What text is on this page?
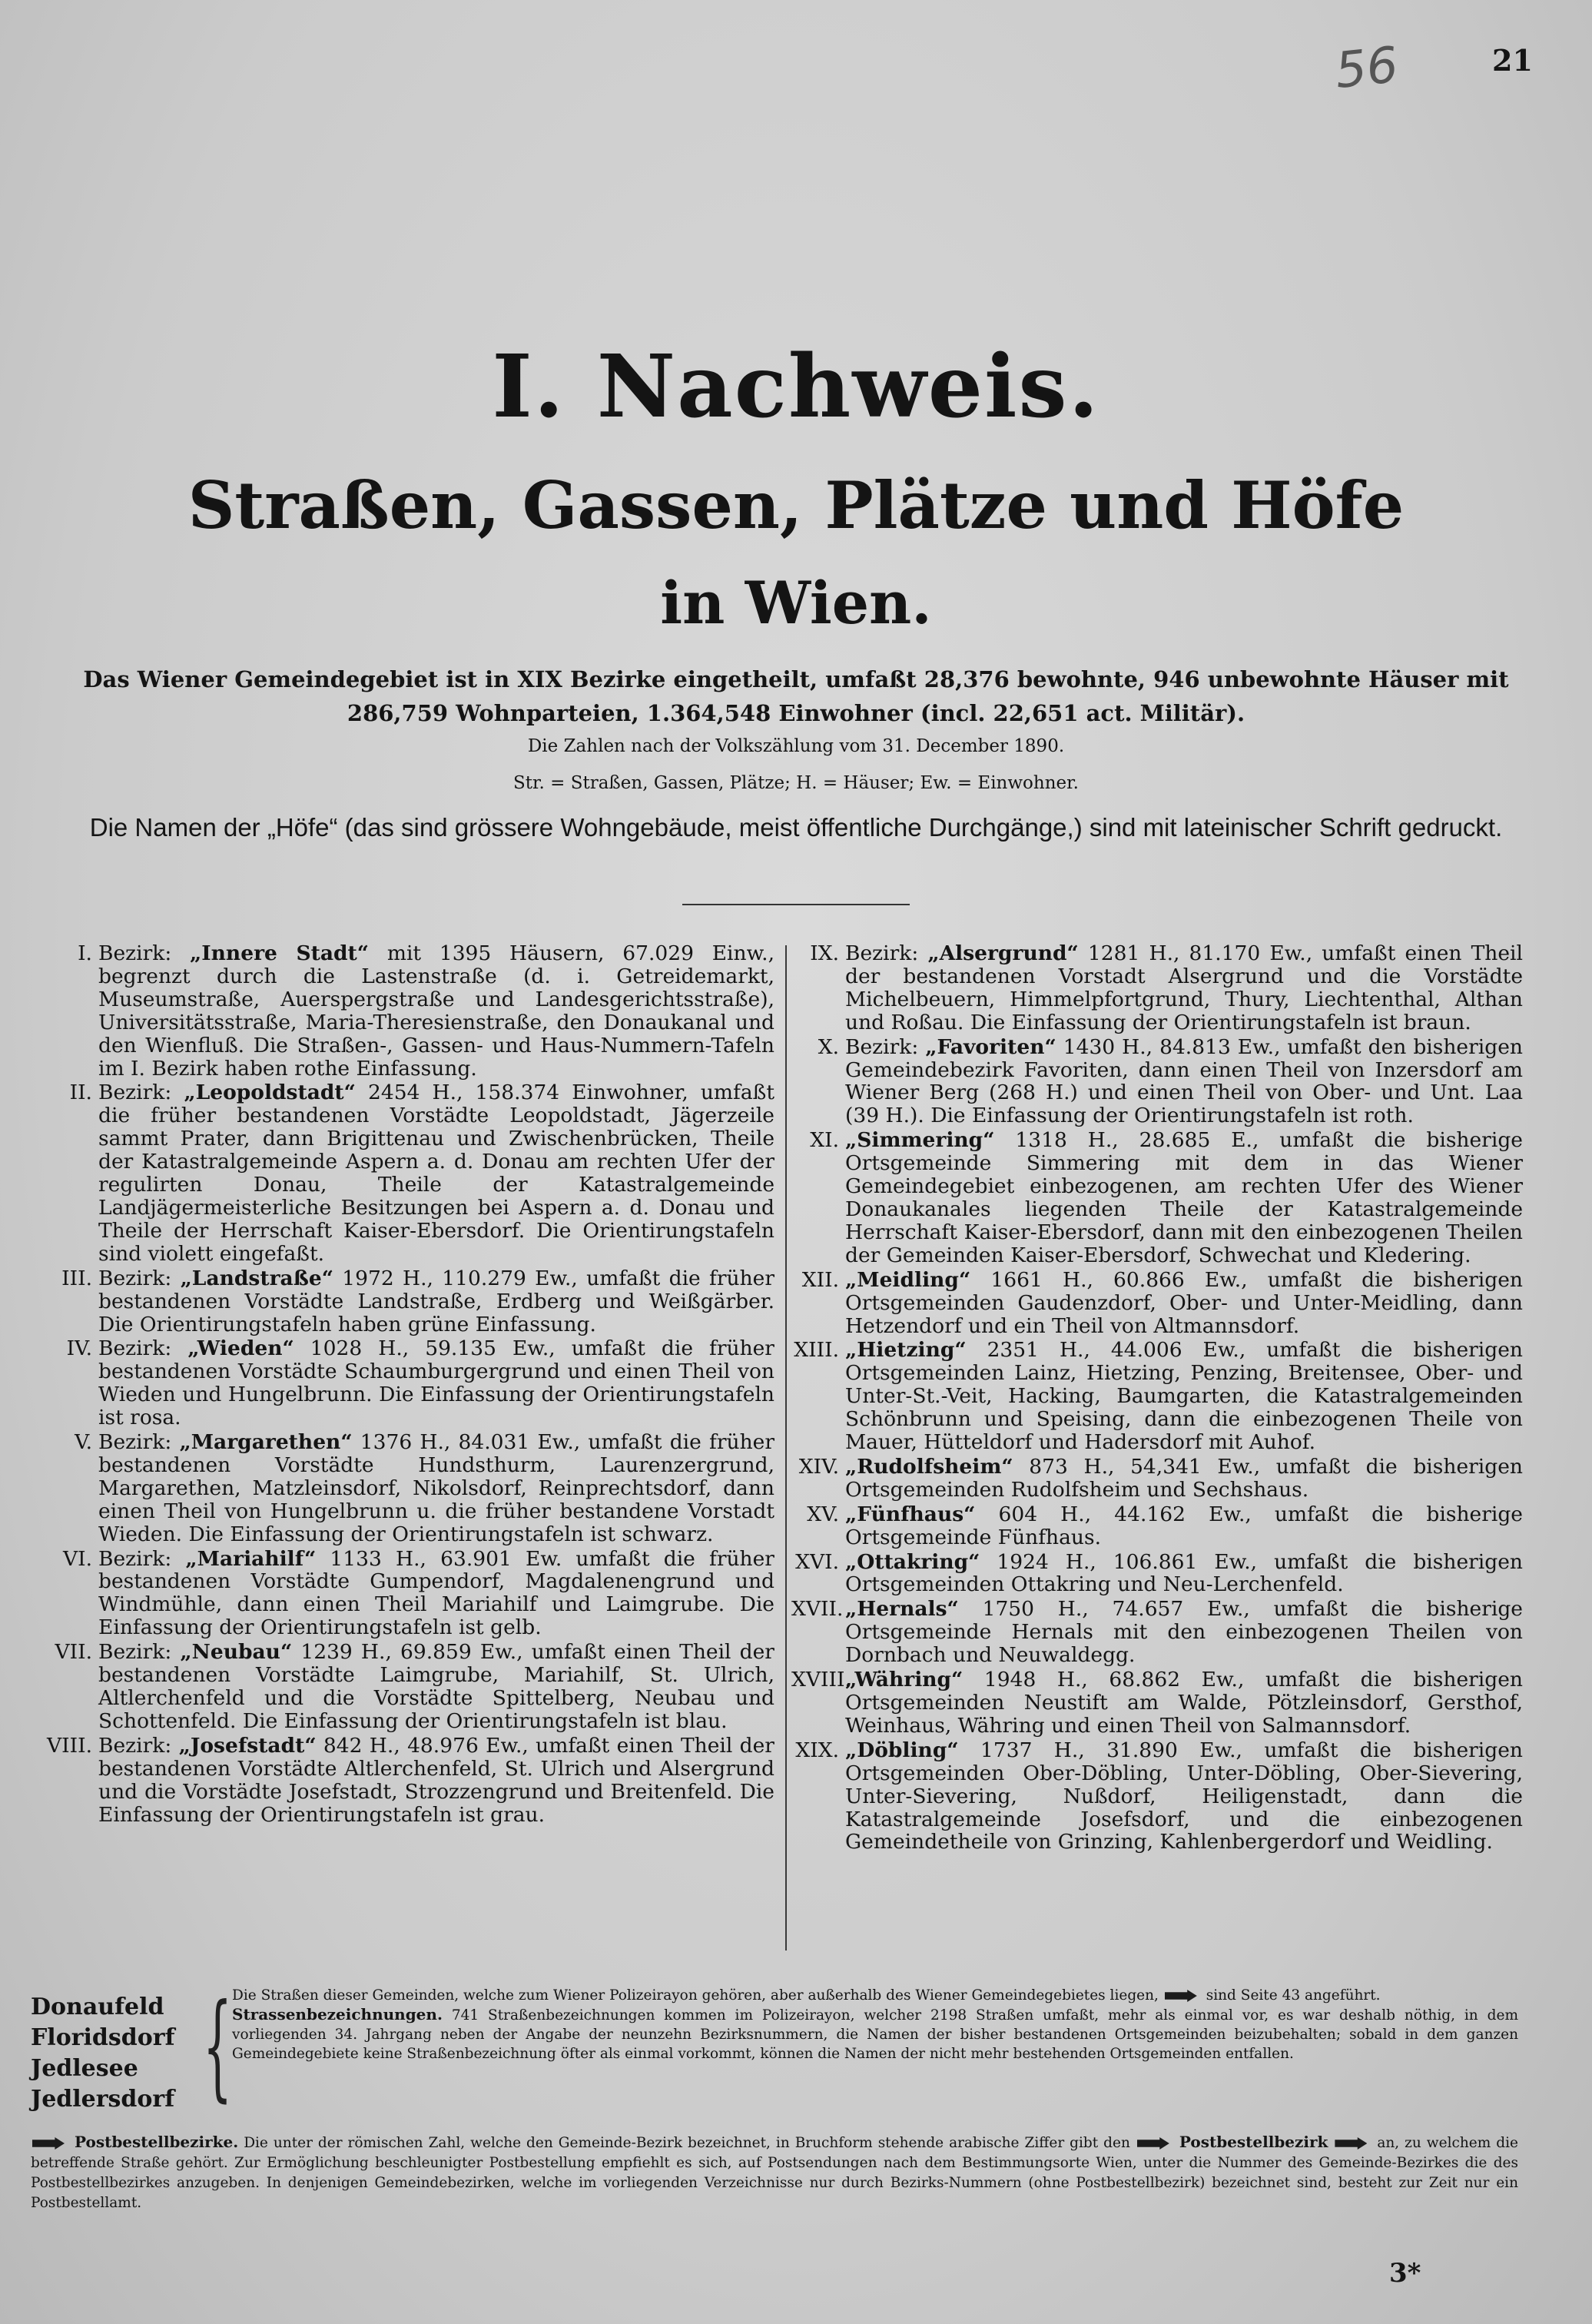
56	21
I. Nachweis.
Straßen, Gassen, Plätze und Höfe
in Wien.
Das Wiener Gemeindegebiet ist in XIX Bezirke eingetheilt, umfaßt 28,376 bewohnte, 946 unbewohnte Häuser mit 286,759 Wohnparteien, 1.364,548 Einwohner (incl. 22,651 act. Militär).
Die Zahlen nach der Volkszählung vom 31. December 1890.
Str. = Straßen, Gassen, Plätze; H. = Häuser; Ew. = Einwohner.
Die Namen der „Höfe“ (das sind grössere Wohngebäude, meist öffentliche Durchgänge,) sind mit lateinischer Schrift gedruckt.
I. Bezirk: „Innere Stadt“ mit 1395 Häusern, 67.029 Einw., begrenzt durch die Lastenstraße (d. i. Getreidemarkt, Museumstraße, Auerspergstraße und Landesgerichtsstraße), Universitätsstraße, Maria-Theresienstraße, den Donaukanal und den Wienfluß. Die Straßen-, Gassen- und Haus-Nummern-Tafeln im I. Bezirk haben rothe Einfassung.
II. Bezirk: „Leopoldstadt“ 2454 H., 158.374 Einwohner, umfaßt die früher bestandenen Vorstädte Leopoldstadt, Jägerzeile sammt Prater, dann Brigittenau und Zwischenbrücken, Theile der Katastralgemeinde Aspern a. d. Donau am rechten Ufer der regulirten Donau, Theile der Katastralgemeinde Landjägermeisterliche Besitzungen bei Aspern a. d. Donau und Theile der Herrschaft Kaiser-Ebersdorf. Die Orientirungstafeln sind violett eingefaßt.
III. Bezirk: „Landstraße“ 1972 H., 110.279 Ew., umfaßt die früher bestandenen Vorstädte Landstraße, Erdberg und Weißgärber. Die Orientirungstafeln haben grüne Einfassung.
IV. Bezirk: „Wieden“ 1028 H., 59.135 Ew., umfaßt die früher bestandenen Vorstädte Schaumburgergrund und einen Theil von Wieden und Hungelbrunn. Die Einfassung der Orientirungstafeln ist rosa.
V. Bezirk: „Margarethen“ 1376 H., 84.031 Ew., umfaßt die früher bestandenen Vorstädte Hundsthurm, Laurenzergrund, Margarethen, Matzleinsdorf, Nikolsdorf, Reinprechtsdorf, dann einen Theil von Hungelbrunn u. die früher bestandene Vorstadt Wieden. Die Einfassung der Orientirungstafeln ist schwarz.
VI. Bezirk: „Mariahilf“ 1133 H., 63.901 Ew. umfaßt die früher bestandenen Vorstädte Gumpendorf, Magdalenengrund und Windmühle, dann einen Theil Mariahilf und Laimgrube. Die Einfassung der Orientirungstafeln ist gelb.
VII. Bezirk: „Neubau“ 1239 H., 69.859 Ew., umfaßt einen Theil der bestandenen Vorstädte Laimgrube, Mariahilf, St. Ulrich, Altlerchenfeld und die Vorstädte Spittelberg, Neubau und Schottenfeld. Die Einfassung der Orientirungstafeln ist blau.
VIII. Bezirk: „Josefstadt“ 842 H., 48.976 Ew., umfaßt einen Theil der bestandenen Vorstädte Altlerchenfeld, St. Ulrich und Alsergrund und die Vorstädte Josefstadt, Strozzengrund und Breitenfeld. Die Einfassung der Orientirungstafeln ist grau.
IX. Bezirk: „Alsergrund“ 1281 H., 81.170 Ew., umfaßt einen Theil der bestandenen Vorstadt Alsergrund und die Vorstädte Michelbeuern, Himmelpfortgrund, Thury, Liechtenthal, Althan und Roßau. Die Einfassung der Orientirungstafeln ist braun.
X. Bezirk: „Favoriten“ 1430 H., 84.813 Ew., umfaßt den bisherigen Gemeindebezirk Favoriten, dann einen Theil von Inzersdorf am Wiener Berg (268 H.) und einen Theil von Ober- und Unt. Laa (39 H.). Die Einfassung der Orientirungstafeln ist roth.
XI. „Simmering“ 1318 H., 28.685 E., umfaßt die bisherige Ortsgemeinde Simmering mit dem in das Wiener Gemeindegebiet einbezogenen, am rechten Ufer des Wiener Donaukanales liegenden Theile der Katastralgemeinde Herrschaft Kaiser-Ebersdorf, dann mit den einbezogenen Theilen der Gemeinden Kaiser-Ebersdorf, Schwechat und Kledering.
XII. „Meidling“ 1661 H., 60.866 Ew., umfaßt die bisherigen Ortsgemeinden Gaudenzdorf, Ober- und Unter-Meidling, dann Hetzendorf und ein Theil von Altmannsdorf.
XIII. „Hietzing“ 2351 H., 44.006 Ew., umfaßt die bisherigen Ortsgemeinden Lainz, Hietzing, Penzing, Breitensee, Ober- und Unter-St.-Veit, Hacking, Baumgarten, die Katastralgemeinden Schönbrunn und Speising, dann die einbezogenen Theile von Mauer, Hütteldorf und Hadersdorf mit Auhof.
XIV. „Rudolfsheim“ 873 H., 54,341 Ew., umfaßt die bisherigen Ortsgemeinden Rudolfsheim und Sechshaus.
XV. „Fünfhaus“ 604 H., 44.162 Ew., umfaßt die bisherige Ortsgemeinde Fünfhaus.
XVI. „Ottakring“ 1924 H., 106.861 Ew., umfaßt die bisherigen Ortsgemeinden Ottakring und Neu-Lerchenfeld.
XVII. „Hernals“ 1750 H., 74.657 Ew., umfaßt die bisherige Ortsgemeinde Hernals mit den einbezogenen Theilen von Dornbach und Neuwaldegg.
XVIII.
„Währing“ 1948 H., 68.862 Ew., umfaßt die bisherigen Ortsgemeinden Neustift am Walde, Pötzleinsdorf, Gersthof, Weinhaus, Währing und einen Theil von Salmannsdorf.
XIX. „Döbling“ 1737 H., 31.890 Ew., umfaßt die bisherigen Ortsgemeinden Ober-Döbling, Unter-Döbling, Ober-Sievering, Unter-Sievering, Nußdorf, Heiligenstadt, dann die Katastralgemeinde Josefsdorf, und die einbezogenen Gemeindetheile von Grinzing, Kahlenbergerdorf und Weidling.
Donaufeld
Floridsdorf
Jedlesee
Jedlersdorf { Die Straßen dieser Gemeinden, welche zum Wiener Polizeirayon gehören, aber außerhalb des Wiener Gemeindegebietes liegen,	sind Seite 43 angeführt.
Strassenbezeichnungen. 741 Straßenbezeichnungen kommen im Polizeirayon, welcher 2198 Straßen umfaßt, mehr als einmal vor, es war deshalb nöthig, in dem vorliegenden 34. Jahrgang neben der Angabe der neunzehn Bezirksnummern, die Namen der bisher bestandenen Ortsgemeinden beizubehalten; sobald in dem ganzen Gemeindegebiete keine Straßenbezeichnung öfter als einmal vorkommt, können die Namen der nicht mehr bestehenden Ortsgemeinden entfallen.
Postbestellbezirke. Die unter der römischen Zahl, welche den Gemeinde-Bezirk bezeichnet, in Bruchform stehende arabische Ziffer gibt den	Postbestellbezirk	an, zu welchem die betreffende Straße gehört. Zur Ermöglichung beschleunigter Postbestellung empfiehlt es sich, auf Postsendungen nach dem Bestimmungsorte Wien, unter die Nummer des Gemeinde-Bezirkes die des Postbestellbezirkes anzugeben. In denjenigen Gemeindebezirken, welche im vorliegenden Verzeichnisse nur durch Bezirks-Nummern (ohne Postbestellbezirk) bezeichnet sind, besteht zur Zeit nur ein Postbestellamt.
3*
